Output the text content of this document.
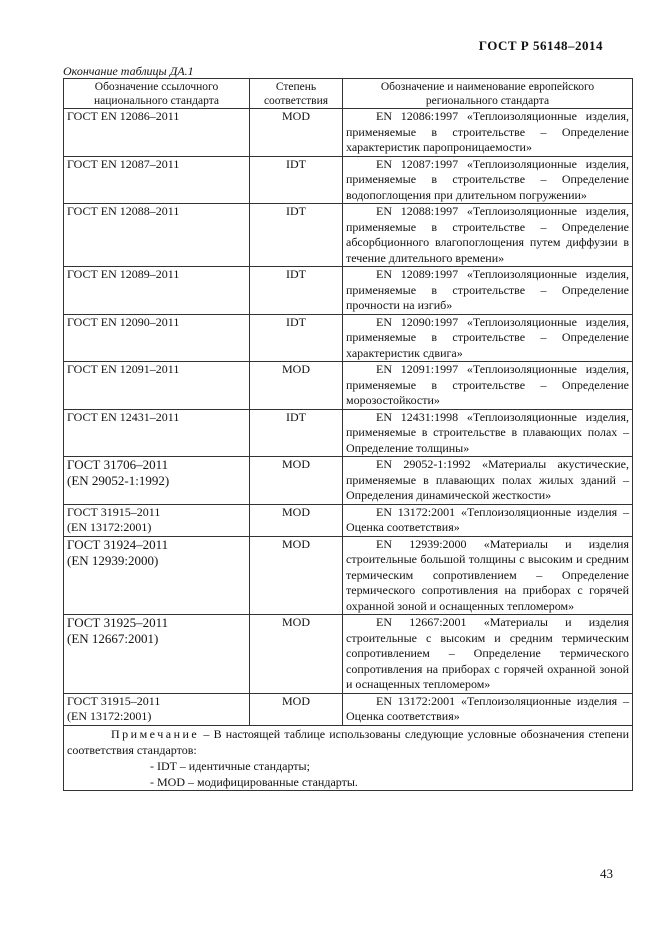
ГОСТ Р 56148–2014
Окончание таблицы ДА.1
Обозначение ссылочного национального стандарта	Степень соответствия	Обозначение и наименование европейского регионального стандарта
ГОСТ EN 12086–2011	MOD	EN 12086:1997 «Теплоизоляционные изделия, применяемые в строительстве – Определение характеристик паропроницаемости»
ГОСТ EN 12087–2011	IDT	EN 12087:1997 «Теплоизоляционные изделия, применяемые в строительстве – Определение водопоглощения при длительном погружении»
ГОСТ EN 12088–2011	IDT	EN 12088:1997 «Теплоизоляционные изделия, применяемые в строительстве – Определение абсорбционного влагопоглощения путем диффузии в течение длительного времени»
ГОСТ EN 12089–2011	IDT	EN 12089:1997 «Теплоизоляционные изделия, применяемые в строительстве – Определение прочности на изгиб»
ГОСТ EN 12090–2011	IDT	EN 12090:1997 «Теплоизоляционные изделия, применяемые в строительстве – Определение характеристик сдвига»
ГОСТ EN 12091–2011	MOD	EN 12091:1997 «Теплоизоляционные изделия, применяемые в строительстве – Определение морозостойкости»
ГОСТ EN 12431–2011	IDT	EN 12431:1998 «Теплоизоляционные изделия, применяемые в строительстве в плавающих полах – Определение толщины»
ГОСТ 31706–2011
(EN 29052-1:1992)	MOD	EN 29052-1:1992 «Материалы акустические, применяемые в плавающих полах жилых зданий – Определения динамической жесткости»
ГОСТ 31915–2011
(EN 13172:2001)	MOD	EN 13172:2001 «Теплоизоляционные изделия – Оценка соответствия»
ГОСТ 31924–2011
(EN 12939:2000)	MOD	EN 12939:2000 «Материалы и изделия строительные большой толщины с высоким и средним термическим сопротивлением – Определение термического сопротивления на приборах с горячей охранной зоной и оснащенных тепломером»
ГОСТ 31925–2011
(EN 12667:2001)	MOD	EN 12667:2001 «Материалы и изделия строительные с высоким и средним термическим сопротивлением – Определение термического сопротивления на приборах с горячей охранной зоной и оснащенных тепломером»
ГОСТ 31915–2011
(EN 13172:2001)	MOD	EN 13172:2001 «Теплоизоляционные изделия – Оценка соответствия»

Примечание – В настоящей таблице использованы следующие условные обозначения степени соответствия стандартов:
- IDT – идентичные стандарты;
- MOD – модифицированные стандарты.		
43
